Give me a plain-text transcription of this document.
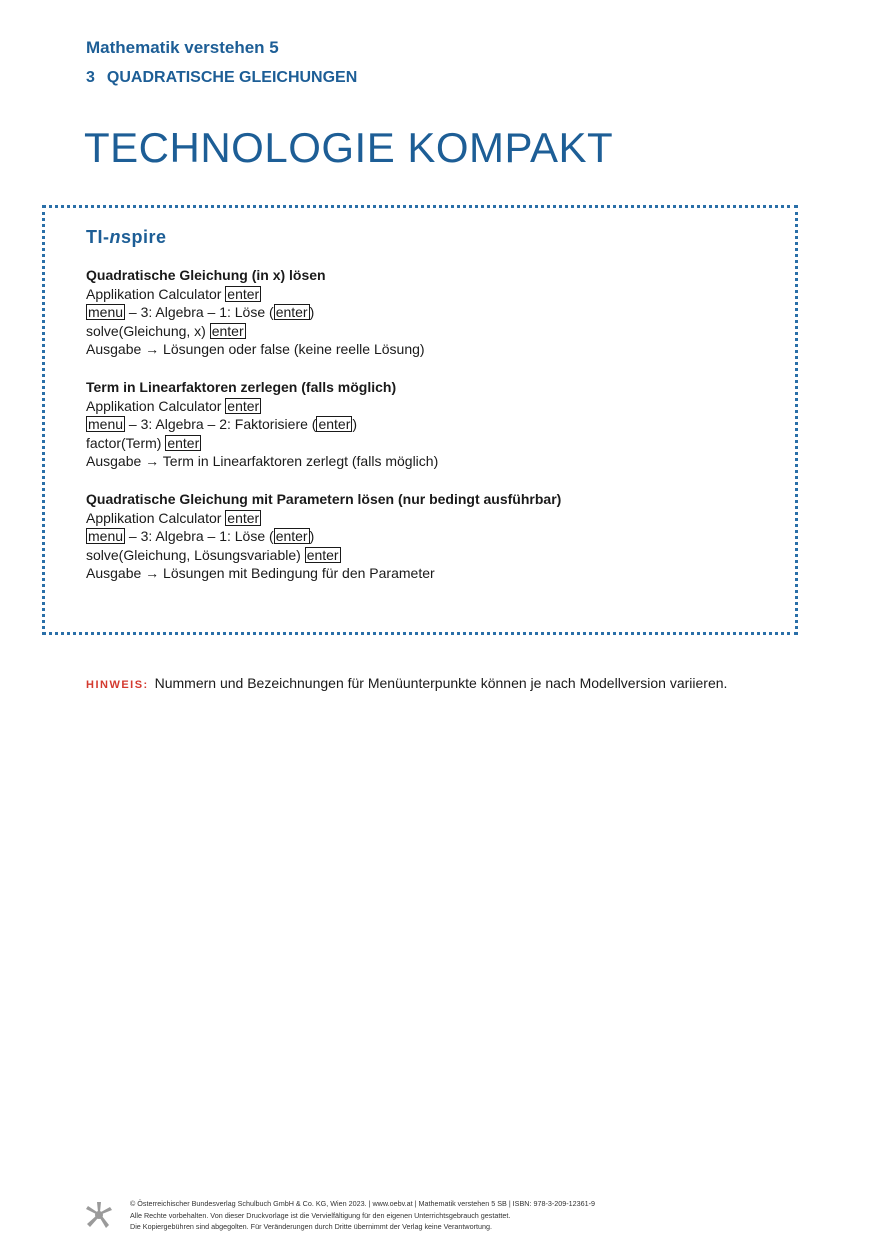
Mathematik verstehen 5
3 QUADRATISCHE GLEICHUNGEN
TECHNOLOGIE KOMPAKT
TI-nspire
Quadratische Gleichung (in x) lösen
Applikation Calculator enter
menu – 3: Algebra – 1: Löse ( enter )
solve(Gleichung, x) enter
Ausgabe → Lösungen oder false (keine reelle Lösung)
Term in Linearfaktoren zerlegen (falls möglich)
Applikation Calculator enter
menu – 3: Algebra – 2: Faktorisiere ( enter )
factor(Term) enter
Ausgabe → Term in Linearfaktoren zerlegt (falls möglich)
Quadratische Gleichung mit Parametern lösen (nur bedingt ausführbar)
Applikation Calculator enter
menu – 3: Algebra – 1: Löse ( enter )
solve(Gleichung, Lösungsvariable) enter
Ausgabe → Lösungen mit Bedingung für den Parameter
HINWEIS: Nummern und Bezeichnungen für Menüunterpunkte können je nach Modellversion variieren.
© Österreichischer Bundesverlag Schulbuch GmbH & Co. KG, Wien 2023. | www.oebv.at | Mathematik verstehen 5 SB | ISBN: 978-3-209-12361-9
Alle Rechte vorbehalten. Von dieser Druckvorlage ist die Vervielfältigung für den eigenen Unterrichtsgebrauch gestattet.
Die Kopiergebühren sind abgegolten. Für Veränderungen durch Dritte übernimmt der Verlag keine Verantwortung.
